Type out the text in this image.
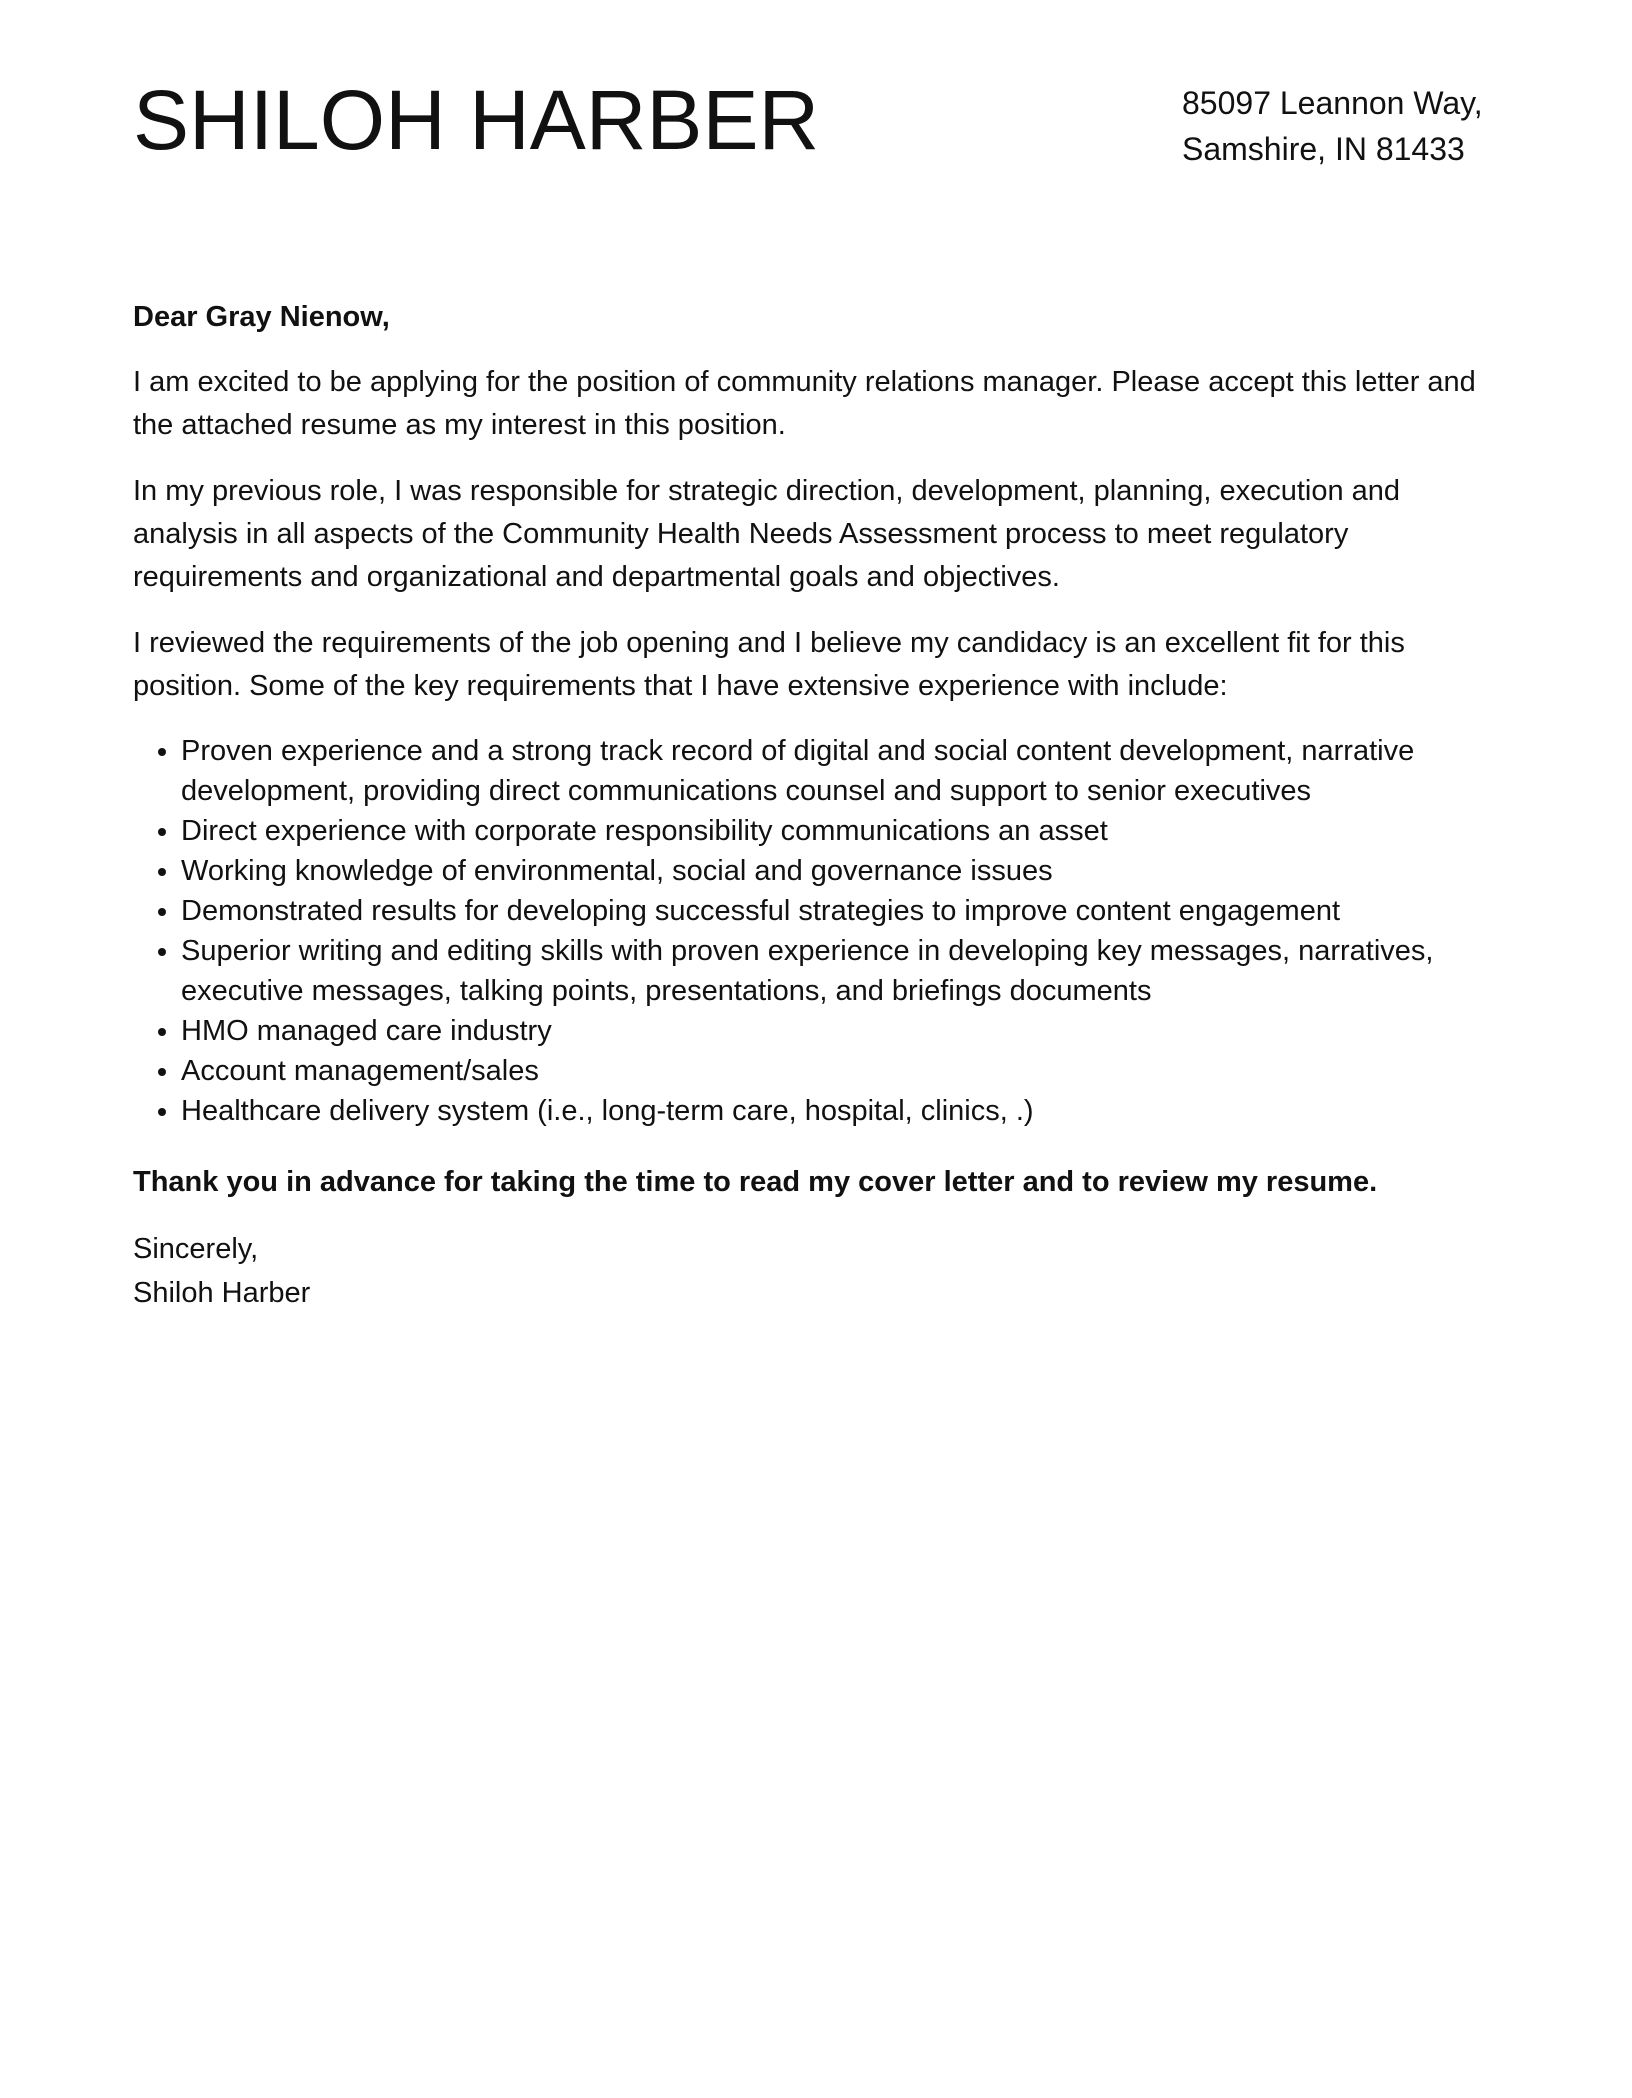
SHILOH HARBER	85097 Leannon Way,
Samshire, IN 81433

Dear Gray Nienow,

I am excited to be applying for the position of community relations manager. Please accept this letter and the attached resume as my interest in this position.

In my previous role, I was responsible for strategic direction, development, planning, execution and analysis in all aspects of the Community Health Needs Assessment process to meet regulatory requirements and organizational and departmental goals and objectives.

I reviewed the requirements of the job opening and I believe my candidacy is an excellent fit for this position. Some of the key requirements that I have extensive experience with include:

• Proven experience and a strong track record of digital and social content development, narrative development, providing direct communications counsel and support to senior executives
• Direct experience with corporate responsibility communications an asset
• Working knowledge of environmental, social and governance issues
• Demonstrated results for developing successful strategies to improve content engagement
• Superior writing and editing skills with proven experience in developing key messages, narratives, executive messages, talking points, presentations, and briefings documents
• HMO managed care industry
• Account management/sales
• Healthcare delivery system (i.e., long-term care, hospital, clinics, .)

Thank you in advance for taking the time to read my cover letter and to review my resume.

Sincerely,
Shiloh Harber
